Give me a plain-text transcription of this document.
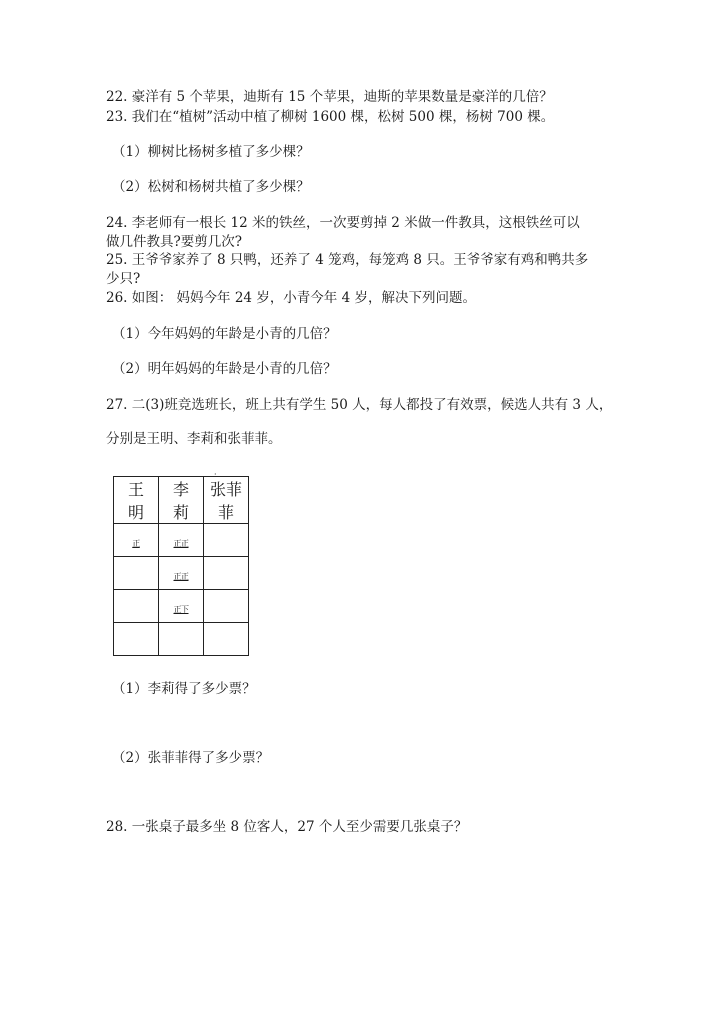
22. 豪洋有 5 个苹果，迪斯有 15 个苹果，迪斯的苹果数量是豪洋的几倍？
23. 我们在“植树”活动中植了柳树 1600 棵，松树 500 棵，杨树 700 棵。
（1）柳树比杨树多植了多少棵？
（2）松树和杨树共植了多少棵？
24. 李老师有一根长 12 米的铁丝，一次要剪掉 2 米做一件教具，这根铁丝可以
做几件教具?要剪几次?
25. 王爷爷家养了 8 只鸭，还养了 4 笼鸡，每笼鸡 8 只。王爷爷家有鸡和鸭共多
少只?
26. 如图： 妈妈今年 24 岁，小青今年 4 岁，解决下列问题。
（1）今年妈妈的年龄是小青的几倍？
（2）明年妈妈的年龄是小青的几倍？
27. 二(3)班竞选班长，班上共有学生 50 人，每人都投了有效票，候选人共有 3 人，
分别是王明、李莉和张菲菲。
·
王　明	李　莉	张菲菲
正	正正	
	正正	
	正下	

（1）李莉得了多少票？
（2）张菲菲得了多少票？
28. 一张桌子最多坐 8 位客人，27 个人至少需要几张桌子？
